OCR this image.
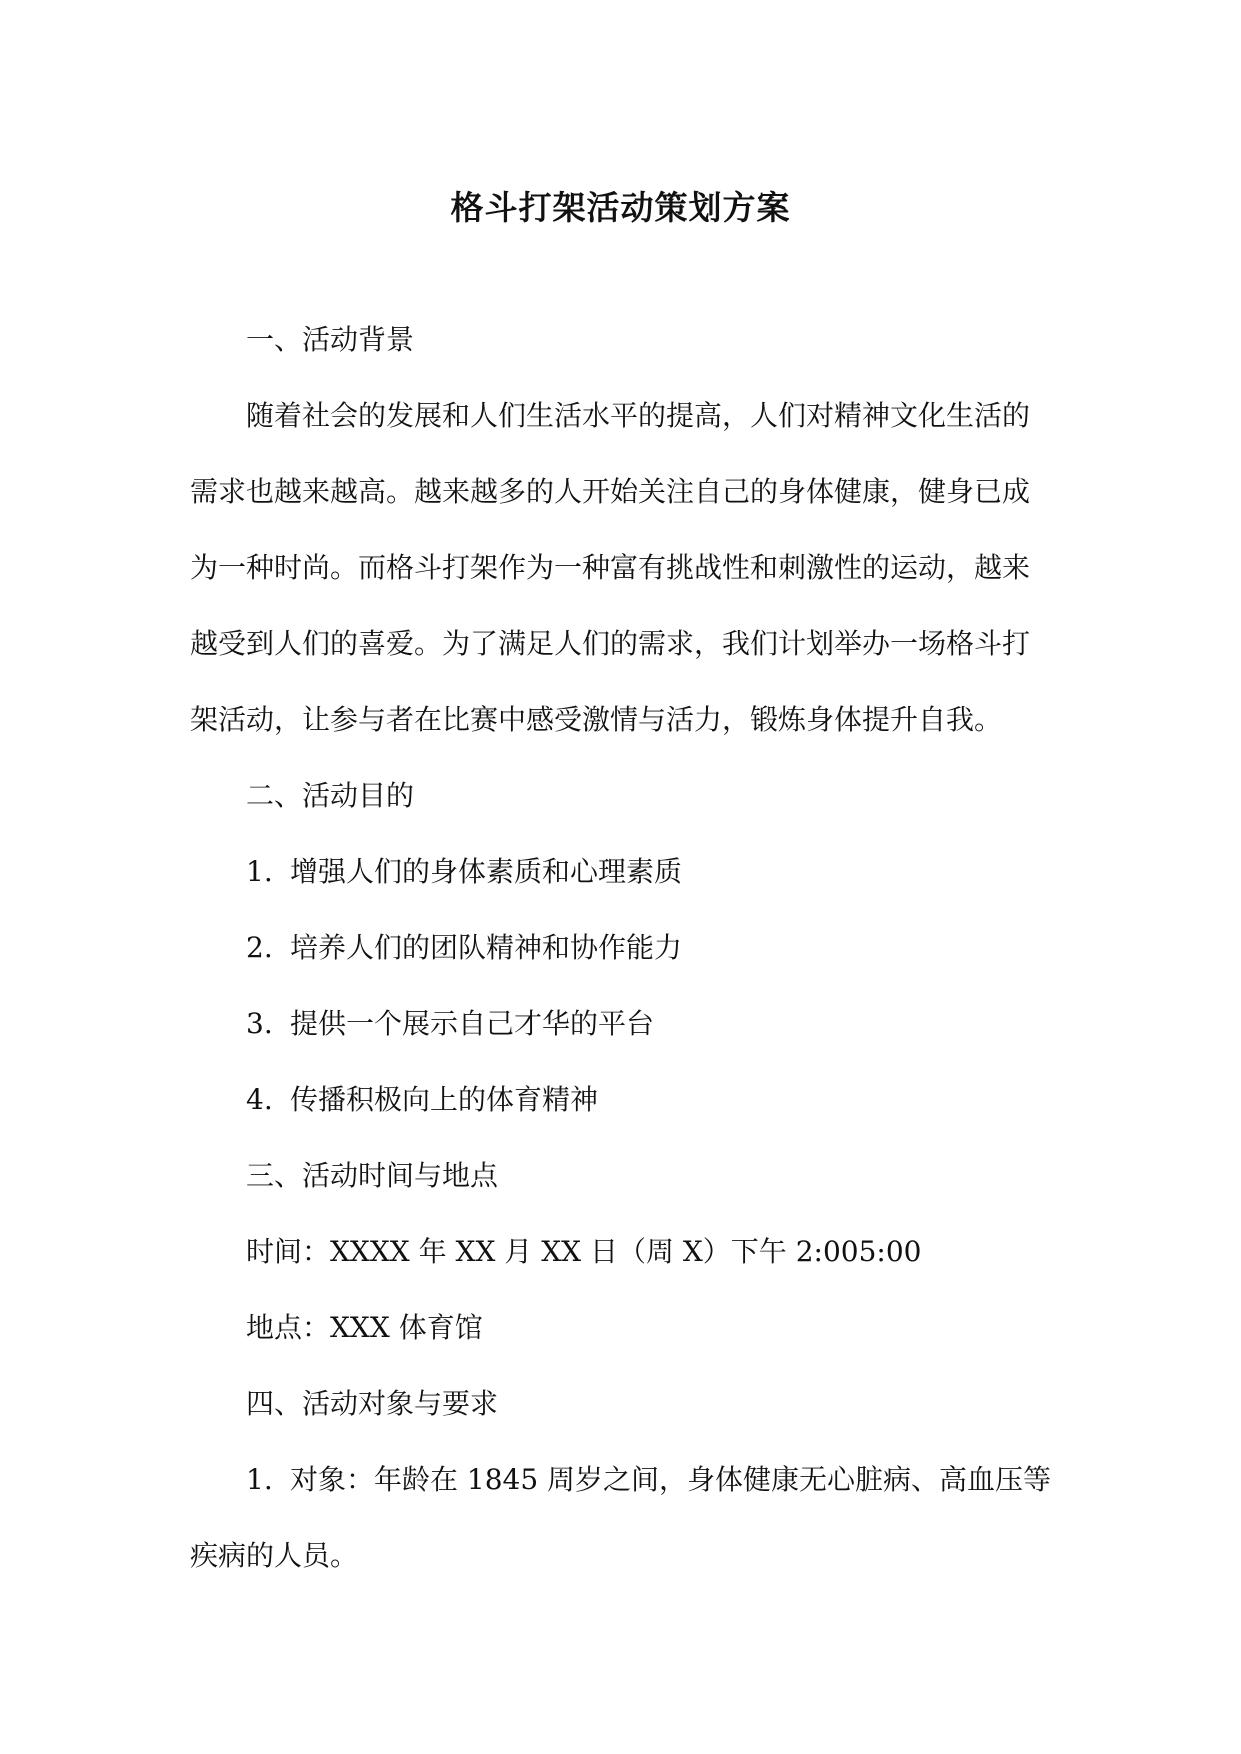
格斗打架活动策划方案

一、活动背景

随着社会的发展和人们生活水平的提高，人们对精神文化生活的
需求也越来越高。越来越多的人开始关注自己的身体健康，健身已成
为一种时尚。而格斗打架作为一种富有挑战性和刺激性的运动，越来
越受到人们的喜爱。为了满足人们的需求，我们计划举办一场格斗打
架活动，让参与者在比赛中感受激情与活力，锻炼身体提升自我。

二、活动目的

1. 增强人们的身体素质和心理素质

2. 培养人们的团队精神和协作能力

3. 提供一个展示自己才华的平台

4. 传播积极向上的体育精神

三、活动时间与地点

时间：XXXX 年 XX 月 XX 日（周 X）下午 2:005:00

地点：XXX 体育馆

四、活动对象与要求

1. 对象：年龄在 1845 周岁之间，身体健康无心脏病、高血压等

疾病的人员。
